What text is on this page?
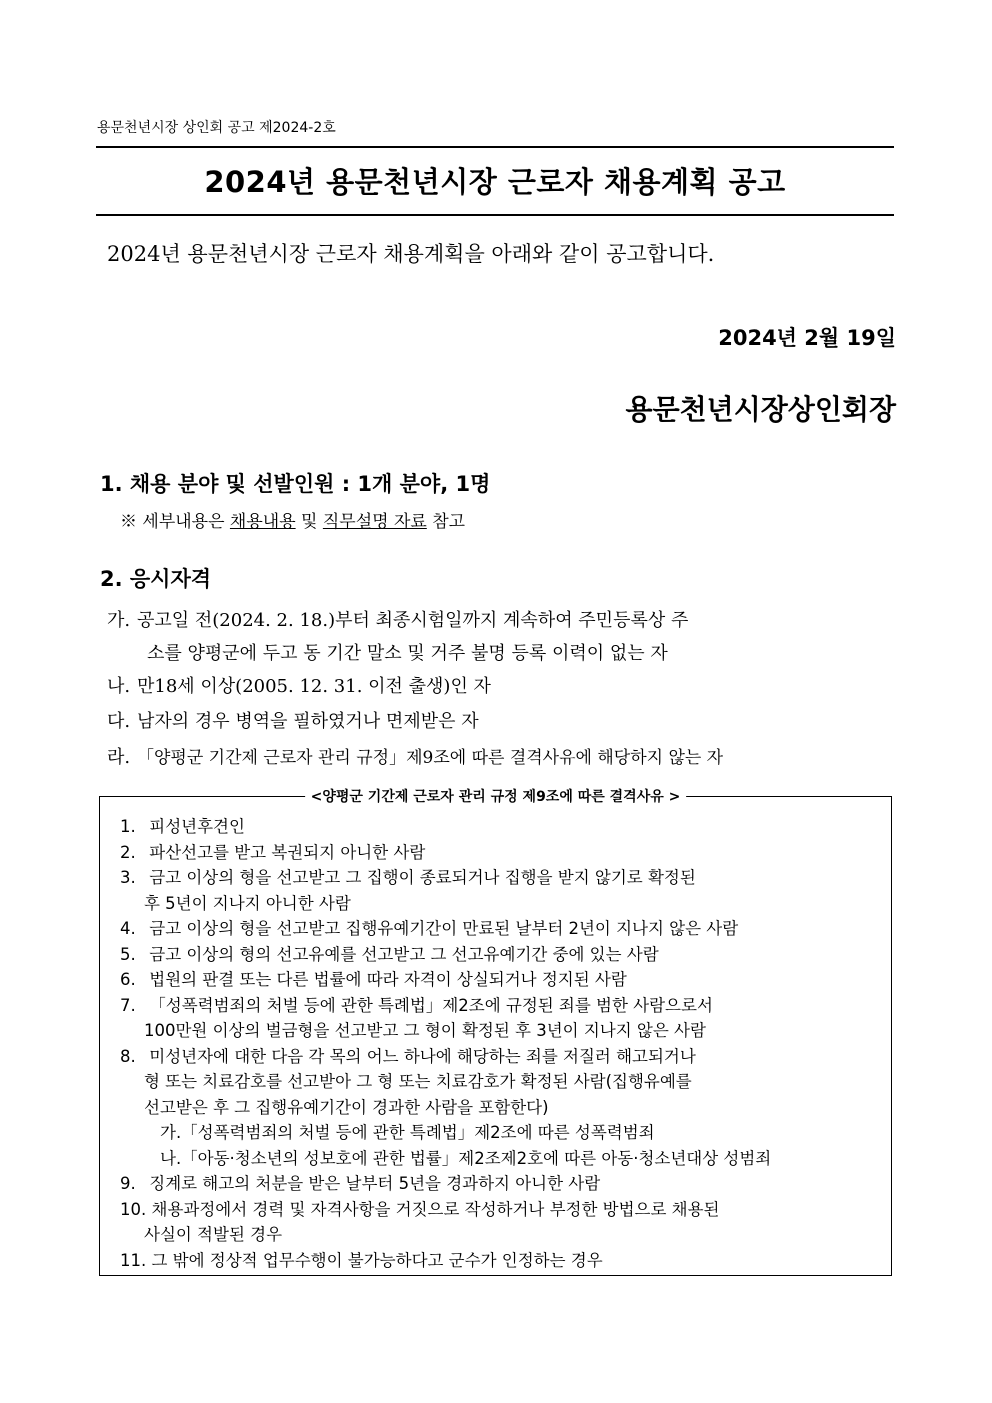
용문천년시장 상인회 공고 제2024-2호
2024년 용문천년시장 근로자 채용계획 공고
2024년 용문천년시장 근로자 채용계획을 아래와 같이 공고합니다.
2024년 2월 19일
용문천년시장상인회장
1. 채용 분야 및 선발인원 : 1개 분야, 1명
※ 세부내용은 채용내용 및 직무설명 자료 참고
2. 응시자격
가. 공고일 전(2024. 2. 18.)부터 최종시험일까지 계속하여 주민등록상 주
소를 양평군에 두고 동 기간 말소 및 거주 불명 등록 이력이 없는 자
나. 만18세 이상(2005. 12. 31. 이전 출생)인 자
다. 남자의 경우 병역을 필하였거나 면제받은 자
라. 「양평군 기간제 근로자 관리 규정」제9조에 따른 결격사유에 해당하지 않는 자
<양평군 기간제 근로자 관리 규정 제9조에 따른 결격사유 >
1. 피성년후견인
2. 파산선고를 받고 복권되지 아니한 사람
3. 금고 이상의 형을 선고받고 그 집행이 종료되거나 집행을 받지 않기로 확정된
후 5년이 지나지 아니한 사람
4. 금고 이상의 형을 선고받고 집행유예기간이 만료된 날부터 2년이 지나지 않은 사람
5. 금고 이상의 형의 선고유예를 선고받고 그 선고유예기간 중에 있는 사람
6. 법원의 판결 또는 다른 법률에 따라 자격이 상실되거나 정지된 사람
7. 「성폭력범죄의 처벌 등에 관한 특례법」제2조에 규정된 죄를 범한 사람으로서
100만원 이상의 벌금형을 선고받고 그 형이 확정된 후 3년이 지나지 않은 사람
8. 미성년자에 대한 다음 각 목의 어느 하나에 해당하는 죄를 저질러 해고되거나
형 또는 치료감호를 선고받아 그 형 또는 치료감호가 확정된 사람(집행유예를
선고받은 후 그 집행유예기간이 경과한 사람을 포함한다)
가.「성폭력범죄의 처벌 등에 관한 특례법」제2조에 따른 성폭력범죄
나.「아동·청소년의 성보호에 관한 법률」제2조제2호에 따른 아동·청소년대상 성범죄
9. 징계로 해고의 처분을 받은 날부터 5년을 경과하지 아니한 사람
10. 채용과정에서 경력 및 자격사항을 거짓으로 작성하거나 부정한 방법으로 채용된
사실이 적발된 경우
11. 그 밖에 정상적 업무수행이 불가능하다고 군수가 인정하는 경우
